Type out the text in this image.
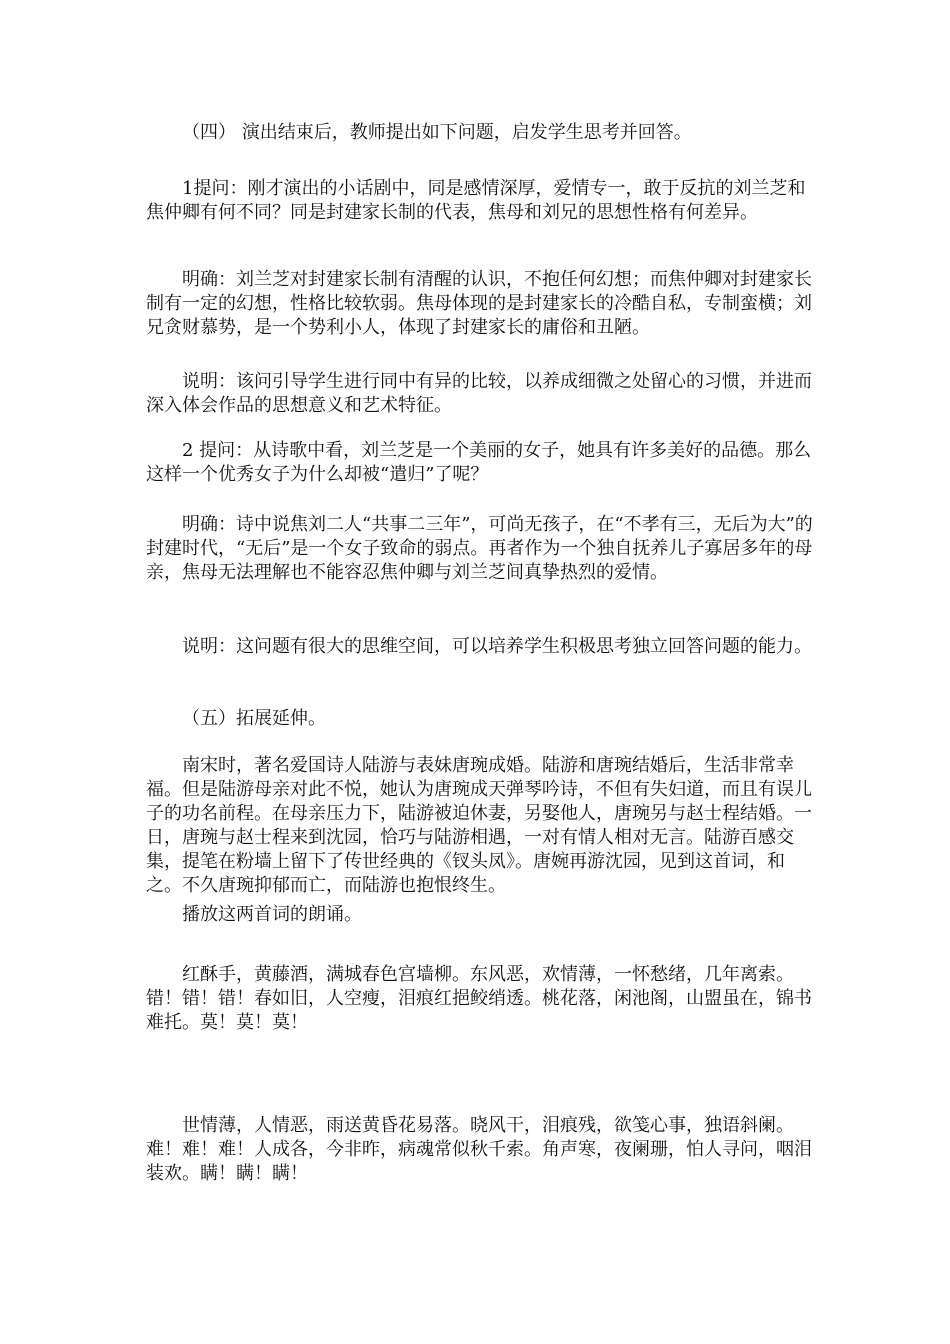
（四） 演出结束后，教师提出如下问题，启发学生思考并回答。

1提问：刚才演出的小话剧中，同是感情深厚，爱情专一，敢于反抗的刘兰芝和焦仲卿有何不同？同是封建家长制的代表，焦母和刘兄的思想性格有何差异。

明确：刘兰芝对封建家长制有清醒的认识，不抱任何幻想；而焦仲卿对封建家长制有一定的幻想，性格比较软弱。焦母体现的是封建家长的冷酷自私，专制蛮横；刘兄贪财慕势，是一个势利小人，体现了封建家长的庸俗和丑陋。

说明：该问引导学生进行同中有异的比较，以养成细微之处留心的习惯，并进而深入体会作品的思想意义和艺术特征。

2 提问：从诗歌中看，刘兰芝是一个美丽的女子，她具有许多美好的品德。那么这样一个优秀女子为什么却被“遣归”了呢？

明确：诗中说焦刘二人“共事二三年”，可尚无孩子，在“不孝有三，无后为大”的封建时代，“无后”是一个女子致命的弱点。再者作为一个独自抚养儿子寡居多年的母亲，焦母无法理解也不能容忍焦仲卿与刘兰芝间真挚热烈的爱情。

说明：这问题有很大的思维空间，可以培养学生积极思考独立回答问题的能力。

（五）拓展延伸。

南宋时，著名爱国诗人陆游与表妹唐琬成婚。陆游和唐琬结婚后，生活非常幸福。但是陆游母亲对此不悦，她认为唐琬成天弹琴吟诗，不但有失妇道，而且有误儿子的功名前程。在母亲压力下，陆游被迫休妻，另娶他人，唐琬另与赵士程结婚。一日，唐琬与赵士程来到沈园，恰巧与陆游相遇，一对有情人相对无言。陆游百感交集，提笔在粉墙上留下了传世经典的《钗头凤》。唐婉再游沈园，见到这首词，和之。不久唐琬抑郁而亡，而陆游也抱恨终生。

播放这两首词的朗诵。

红酥手，黄藤酒，满城春色宫墙柳。东风恶，欢情薄，一怀愁绪，几年离索。错！错！错！春如旧，人空瘦，泪痕红挹鲛绡透。桃花落，闲池阁，山盟虽在，锦书难托。莫！莫！莫！

世情薄，人情恶，雨送黄昏花易落。晓风干，泪痕残，欲笺心事，独语斜阑。难！难！难！人成各，今非昨，病魂常似秋千索。角声寒，夜阑珊，怕人寻问，咽泪装欢。瞒！瞒！瞒！
